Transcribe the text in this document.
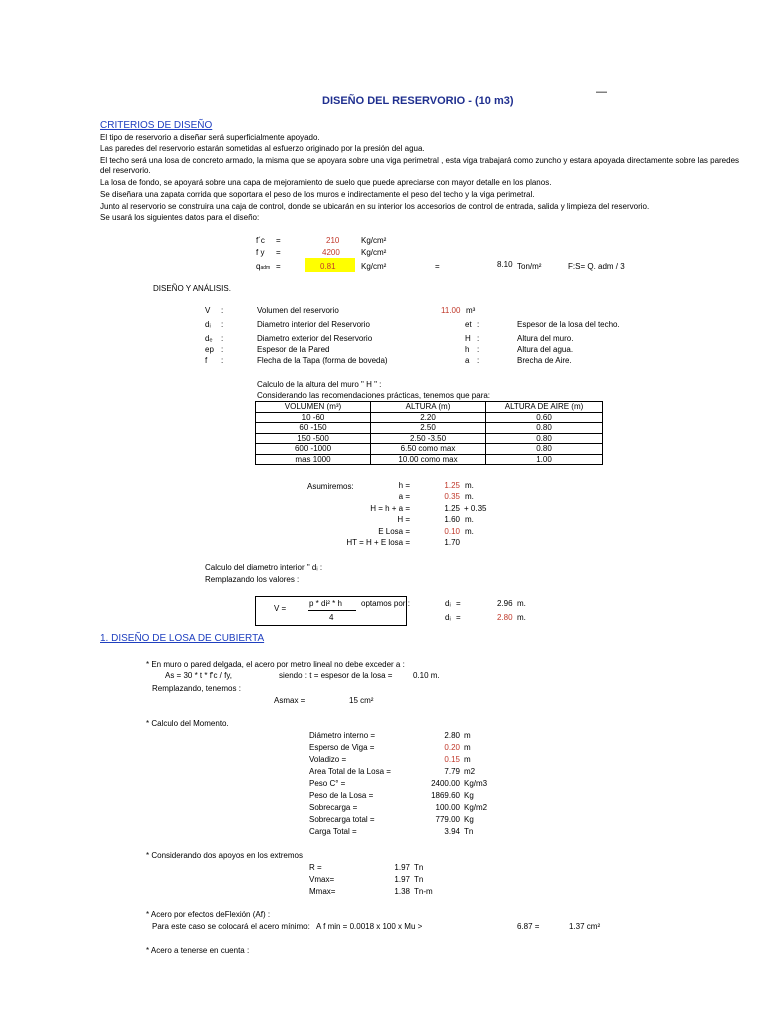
—
DISEÑO DEL RESERVORIO - (10 m3)
CRITERIOS DE DISEÑO
El tipo de reservorio a diseñar será superficialmente apoyado.
Las paredes del reservorio estarán sometidas al esfuerzo originado por la presión del agua.
El techo será una losa de concreto armado, la misma que se apoyara sobre una viga perimetral , esta viga trabajará como zuncho y estara apoyada directamente sobre las paredes
del reservorio.
La losa de fondo, se apoyará sobre una capa de mejoramiento de suelo que puede apreciarse con mayor detalle en los planos.
Se diseñara una zapata corrida que soportara el peso de los muros e indirectamente el peso del techo y la viga perimetral.
Junto al reservorio se construira una caja de control, donde se ubicarán en su interior los accesorios de control de entrada, salida y limpieza del reservorio.
Se usará los siguientes datos para el diseño:
f´c =	210	Kg/cm²
f y =	4200	Kg/cm²
qadm =	0.81	Kg/cm²	=	8.10 Ton/m²	F:S= Q. adm / 3
DISEÑO Y ANÁLISIS.
V :	Volumen del reservorio	11.00 m³
dᵢ :	Diametro interior del Reservorio	et :	Espesor de la losa del techo.
dₑ :	Diametro exterior del Reservorio	H :	Altura del muro.
ep :	Espesor de la Pared	h :	Altura del agua.
f :	Flecha de la Tapa (forma de boveda)	a :	Brecha de Aire.
Calculo de la altura del muro " H " :
Considerando las recomendaciones prácticas, tenemos que para:
VOLUMEN (m³)	ALTURA (m)	ALTURA DE AIRE (m)
10 -60	2.20	0.60
60 -150	2.50	0.80
150 -500	2.50 -3.50	0.80
600 -1000	6.50 como max	0.80
mas 1000	10.00 como max	1.00
Asumiremos:	h =	1.25 m.
a =	0.35 m.
H = h + a =	1.25 + 0.35
H =	1.60 m.
E Losa =	0.10 m.
HT = H + E losa =	1.70
Calculo del diametro interior " dᵢ :
Remplazando los valores :
V =
p * di² * h
4
optamos por :	dᵢ =	2.96 m.
dᵢ =	2.80 m.
1. DISEÑO DE LOSA DE CUBIERTA
* En muro o pared delgada, el acero por metro lineal no debe exceder a :
As = 30 * t * f'c / fy,	siendo : t = espesor de la losa =	0.10 m.
Remplazando, tenemos :
Asmax =	15 cm²
* Calculo del Momento.
Diámetro interno =	2.80 m
Esperso de Viga =	0.20 m
Voladizo =	0.15 m
Area Total de la Losa =	7.79 m2
Peso C° =	2400.00 Kg/m3
Peso de la Losa =	1869.60 Kg
Sobrecarga =	100.00 Kg/m2
Sobrecarga total =	779.00 Kg
Carga Total =	3.94 Tn
* Considerando dos apoyos en los extremos
R =	1.97 Tn
Vmax=	1.97 Tn
Mmax=	1.38 Tn-m
* Acero por efectos deFlexión (Af) :
Para este caso se colocará el acero mínimo: A f min = 0.0018 x 100 x Mu >	6.87 =	1.37 cm²
* Acero a tenerse en cuenta :
